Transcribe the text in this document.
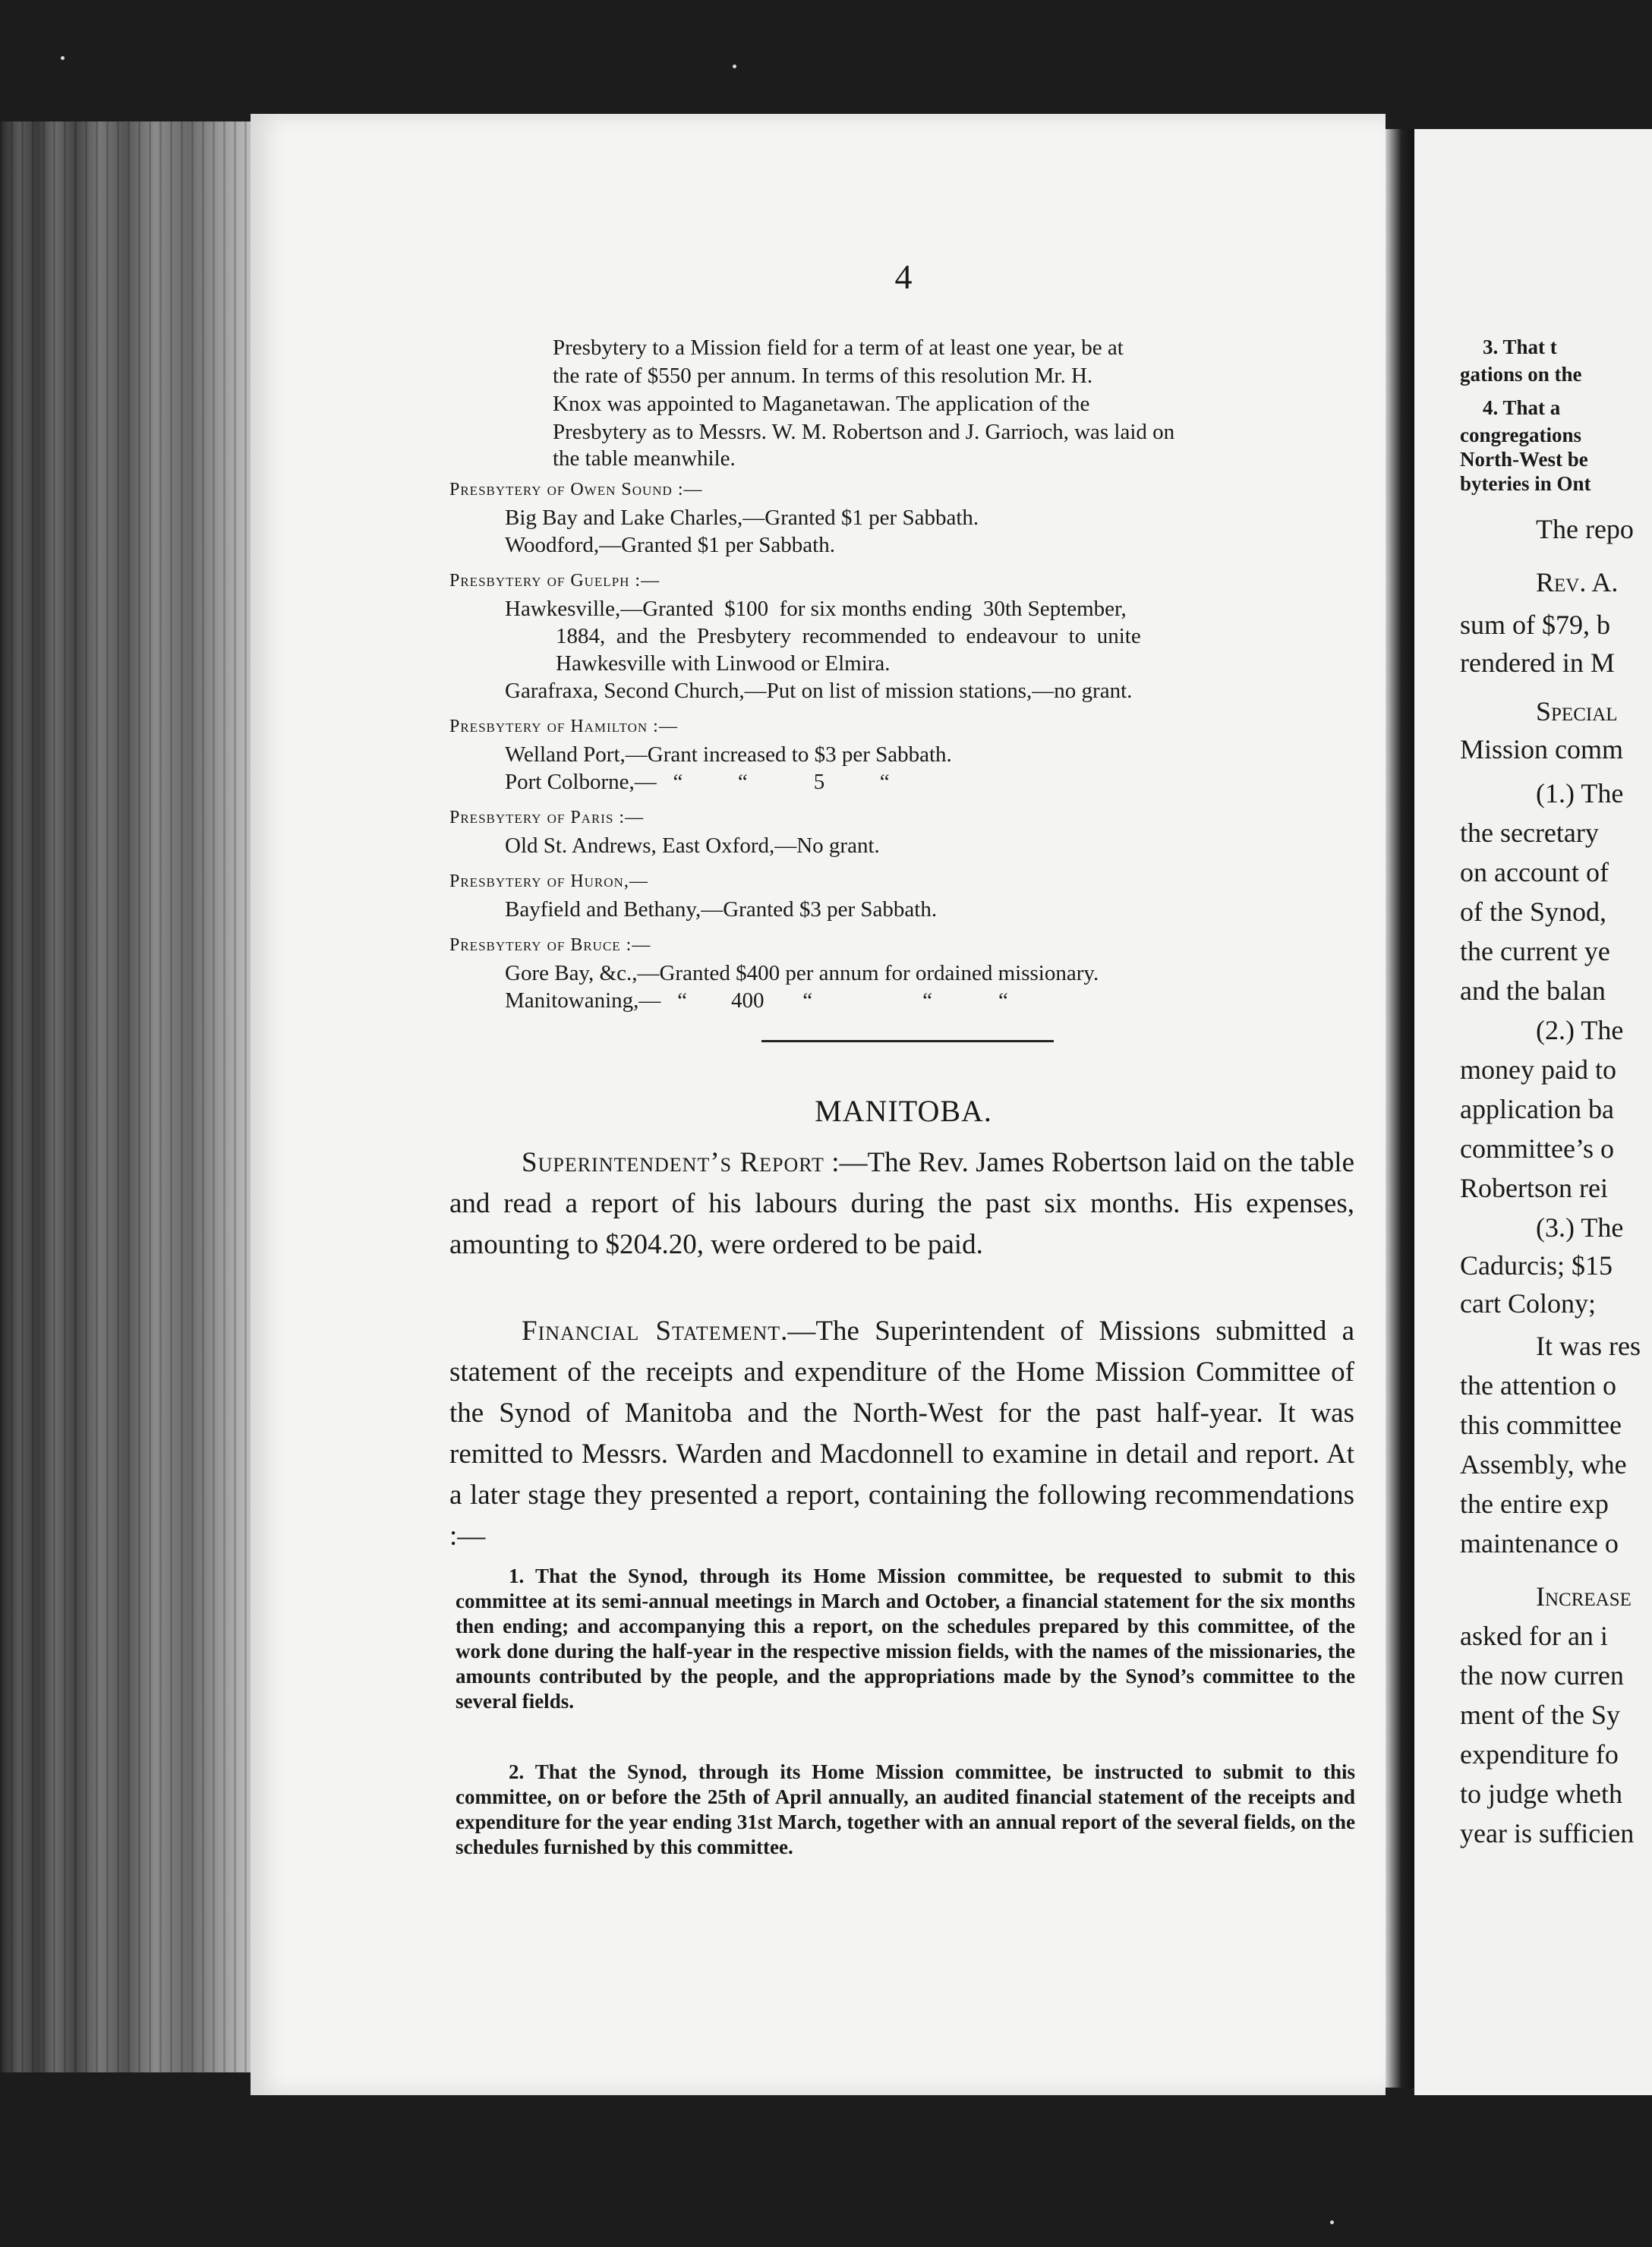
3. That t
gations on the
4. That a
congregations
North-West be
byteries in Ont
The repo
Rev. A.
sum of $79, b
rendered in M
Special
Mission comm
(1.) The
the secretary
on account of
of the Synod,
the current ye
and the balan
(2.) The
money paid to
application ba
committee’s o
Robertson rei
(3.) The
Cadurcis; $15
cart Colony;
It was res
the attention o
this committee
Assembly, whe
the entire exp
maintenance o
Increase
asked for an i
the now curren
ment of the Sy
expenditure fo
to judge wheth
year is sufficien
4
Presbytery to a Mission field for a term of at least one year, be at
the rate of $550 per annum. In terms of this resolution Mr. H.
Knox was appointed to Maganetawan. The application of the
Presbytery as to Messrs. W. M. Robertson and J. Garrioch, was laid on
the table meanwhile.
Presbytery of Owen Sound :—
Big Bay and Lake Charles,—Granted $1 per Sabbath.
Woodford,—Granted $1 per Sabbath.
Presbytery of Guelph :—
Hawkesville,—Granted  $100  for six months ending  30th September,
1884,  and  the  Presbytery  recommended  to  endeavour  to  unite
Hawkesville with Linwood or Elmira.
Garafraxa, Second Church,—Put on list of mission stations,—no grant.
Presbytery of Hamilton :—
Welland Port,—Grant increased to $3 per Sabbath.
Port Colborne,—   “          “            5          “
Presbytery of Paris :—
Old St. Andrews, East Oxford,—No grant.
Presbytery of Huron,—
Bayfield and Bethany,—Granted $3 per Sabbath.
Presbytery of Bruce :—
Gore Bay, &c.,—Granted $400 per annum for ordained missionary.
Manitowaning,—   “        400       “                    “            “
MANITOBA.
Superintendent’s Report :—The Rev. James Robertson laid on the table and read a report of his labours during the past six months. His expenses, amounting to $204.20, were ordered to be paid.
Financial Statement.—The Superintendent of Missions submitted a statement of the receipts and expenditure of the Home Mission Committee of the Synod of Manitoba and the North-West for the past half-year. It was remitted to Messrs. Warden and Macdonnell to examine in detail and report. At a later stage they presented a report, containing the following recommendations :—
1. That the Synod, through its Home Mission committee, be requested to submit to this committee at its semi-annual meetings in March and October, a financial statement for the six months then ending; and accompanying this a report, on the schedules prepared by this committee, of the work done during the half-year in the respective mission fields, with the names of the missionaries, the amounts contributed by the people, and the appropriations made by the Synod’s committee to the several fields.
2. That the Synod, through its Home Mission committee, be instructed to submit to this committee, on or before the 25th of April annually, an audited financial statement of the receipts and expenditure for the year ending 31st March, together with an annual report of the several fields, on the schedules furnished by this committee.
